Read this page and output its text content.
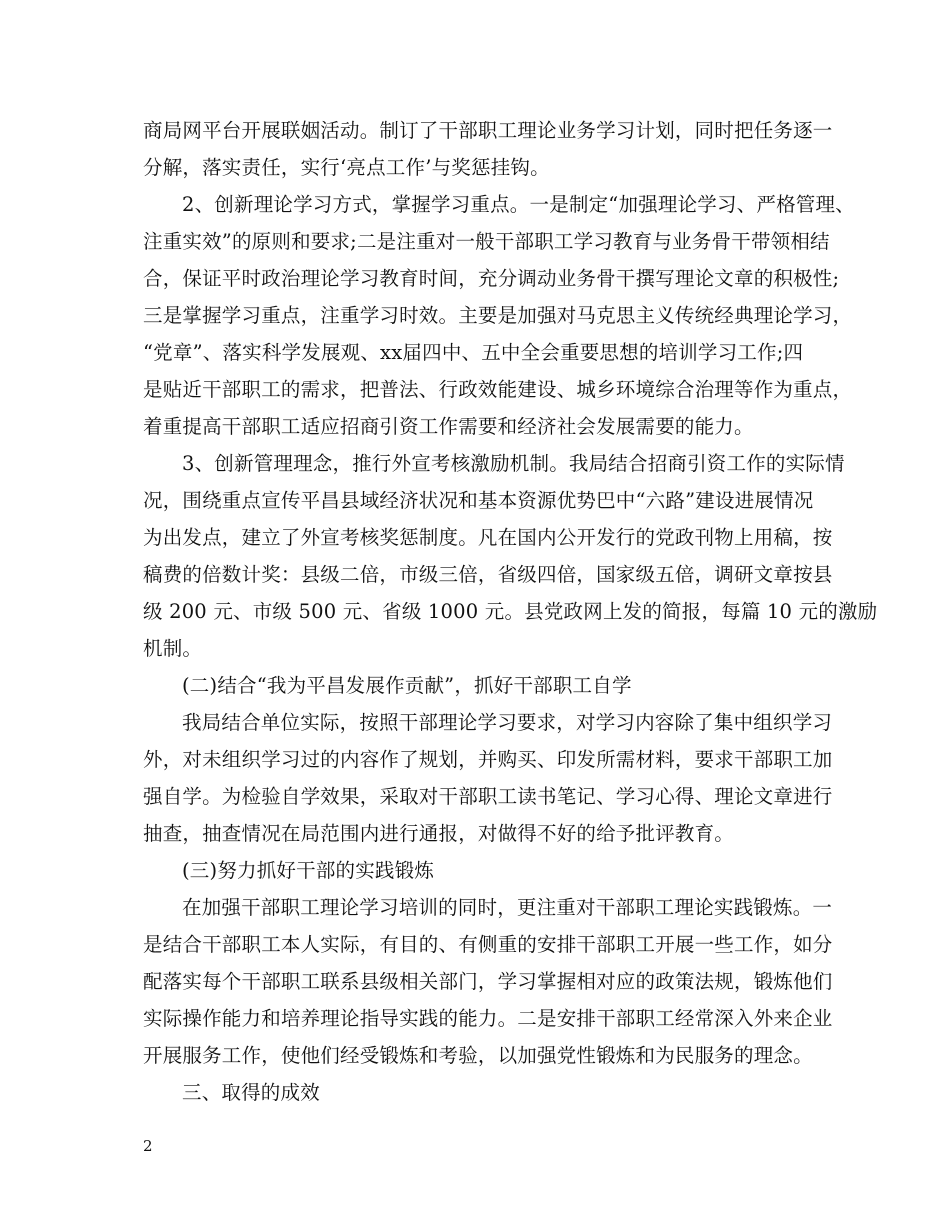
商局网平台开展联姻活动。制订了干部职工理论业务学习计划，同时把任务逐一
分解，落实责任，实行‘亮点工作’与奖惩挂钩。
2、创新理论学习方式，掌握学习重点。一是制定“加强理论学习、严格管理、
注重实效”的原则和要求;二是注重对一般干部职工学习教育与业务骨干带领相结
合，保证平时政治理论学习教育时间，充分调动业务骨干撰写理论文章的积极性;
三是掌握学习重点，注重学习时效。主要是加强对马克思主义传统经典理论学习，
“党章”、落实科学发展观、xx届四中、五中全会重要思想的培训学习工作;四
是贴近干部职工的需求，把普法、行政效能建设、城乡环境综合治理等作为重点，
着重提高干部职工适应招商引资工作需要和经济社会发展需要的能力。
3、创新管理理念，推行外宣考核激励机制。我局结合招商引资工作的实际情
况，围绕重点宣传平昌县域经济状况和基本资源优势巴中“六路”建设进展情况
为出发点，建立了外宣考核奖惩制度。凡在国内公开发行的党政刊物上用稿，按
稿费的倍数计奖：县级二倍，市级三倍，省级四倍，国家级五倍，调研文章按县
级 200 元、市级 500 元、省级 1000 元。县党政网上发的简报，每篇 10 元的激励
机制。
(二)结合“我为平昌发展作贡献”，抓好干部职工自学
我局结合单位实际，按照干部理论学习要求，对学习内容除了集中组织学习
外，对未组织学习过的内容作了规划，并购买、印发所需材料，要求干部职工加
强自学。为检验自学效果，采取对干部职工读书笔记、学习心得、理论文章进行
抽查，抽查情况在局范围内进行通报，对做得不好的给予批评教育。
(三)努力抓好干部的实践锻炼
在加强干部职工理论学习培训的同时，更注重对干部职工理论实践锻炼。一
是结合干部职工本人实际，有目的、有侧重的安排干部职工开展一些工作，如分
配落实每个干部职工联系县级相关部门，学习掌握相对应的政策法规，锻炼他们
实际操作能力和培养理论指导实践的能力。二是安排干部职工经常深入外来企业
开展服务工作，使他们经受锻炼和考验，以加强党性锻炼和为民服务的理念。
三、取得的成效
2
